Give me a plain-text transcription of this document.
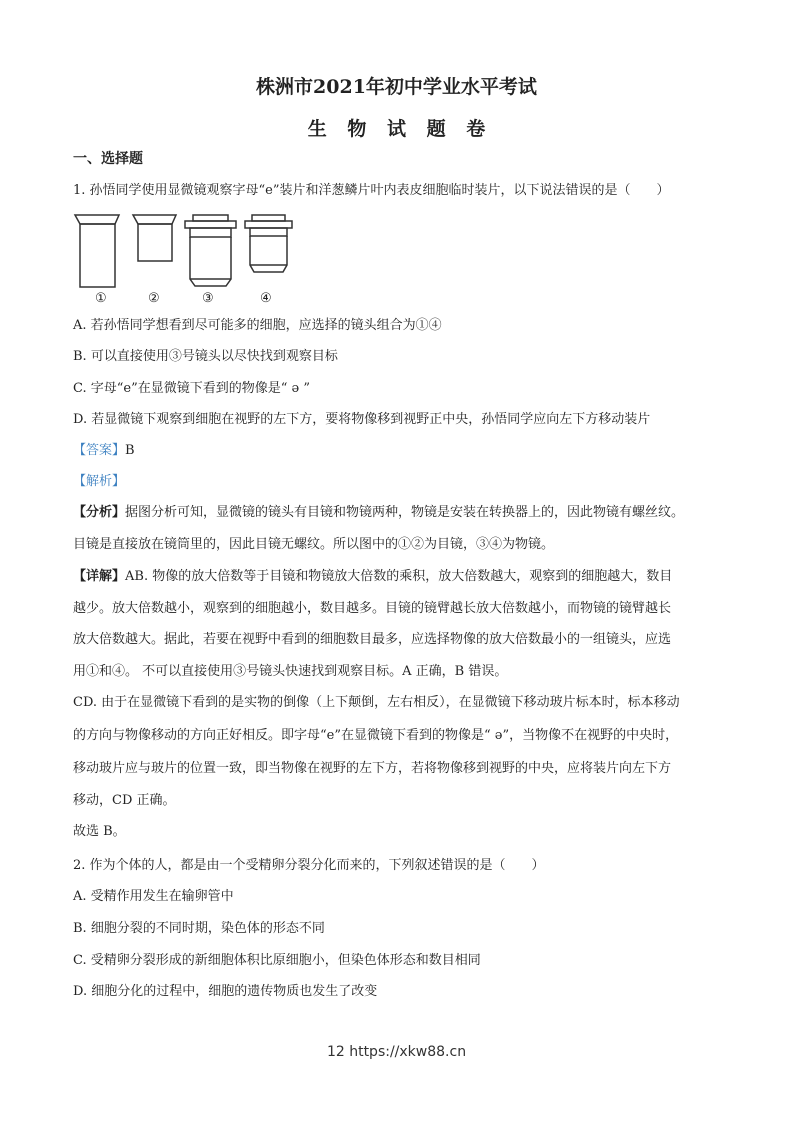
株洲市2021年初中学业水平考试
生 物 试 题 卷
一、选择题
1. 孙悟同学使用显微镜观察字母“e”装片和洋葱鳞片叶内表皮细胞临时装片，以下说法错误的是（　　）
①	②	③	④
A. 若孙悟同学想看到尽可能多的细胞，应选择的镜头组合为①④
B. 可以直接使用③号镜头以尽快找到观察目标
C. 字母“e”在显微镜下看到的物像是“ ə ”
D. 若显微镜下观察到细胞在视野的左下方，要将物像移到视野正中央，孙悟同学应向左下方移动装片
【答案】B
【解析】
【分析】据图分析可知，显微镜的镜头有目镜和物镜两种，物镜是安装在转换器上的，因此物镜有螺丝纹。
目镜是直接放在镜筒里的，因此目镜无螺纹。所以图中的①②为目镜，③④为物镜。
【详解】AB. 物像的放大倍数等于目镜和物镜放大倍数的乘积，放大倍数越大，观察到的细胞越大，数目
越少。放大倍数越小，观察到的细胞越小，数目越多。目镜的镜臂越长放大倍数越小，而物镜的镜臂越长
放大倍数越大。据此，若要在视野中看到的细胞数目最多，应选择物像的放大倍数最小的一组镜头，应选
用①和④。 不可以直接使用③号镜头快速找到观察目标。A 正确，B 错误。
CD. 由于在显微镜下看到的是实物的倒像（上下颠倒，左右相反），在显微镜下移动玻片标本时，标本移动
的方向与物像移动的方向正好相反。即字母“e”在显微镜下看到的物像是“ ə”，当物像不在视野的中央时，
移动玻片应与玻片的位置一致，即当物像在视野的左下方，若将物像移到视野的中央，应将装片向左下方
移动，CD 正确。
故选 B。
2. 作为个体的人，都是由一个受精卵分裂分化而来的，下列叙述错误的是（　　）
A. 受精作用发生在输卵管中
B. 细胞分裂的不同时期，染色体的形态不同
C. 受精卵分裂形成的新细胞体积比原细胞小，但染色体形态和数目相同
D. 细胞分化的过程中，细胞的遗传物质也发生了改变
12 https://xkw88.cn
